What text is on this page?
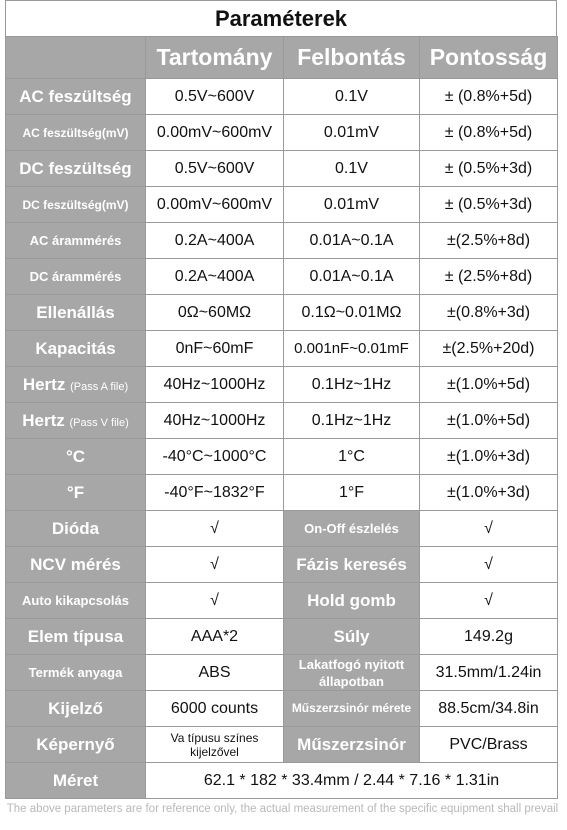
Paraméterek
	Tartomány	Felbontás	Pontosság
AC feszültség	0.5V~600V	0.1V	± (0.8%+5d)
AC feszültség(mV)	0.00mV~600mV	0.01mV	± (0.8%+5d)
DC feszültség	0.5V~600V	0.1V	± (0.5%+3d)
DC feszültség(mV)	0.00mV~600mV	0.01mV	± (0.5%+3d)
AC árammérés	0.2A~400A	0.01A~0.1A	±(2.5%+8d)
DC árammérés	0.2A~400A	0.01A~0.1A	± (2.5%+8d)
Ellenállás	0Ω~60MΩ	0.1Ω~0.01MΩ	±(0.8%+3d)
Kapacitás	0nF~60mF	0.001nF~0.01mF	±(2.5%+20d)
Hertz (Pass A file)	40Hz~1000Hz	0.1Hz~1Hz	±(1.0%+5d)
Hertz (Pass V file)	40Hz~1000Hz	0.1Hz~1Hz	±(1.0%+5d)
°C	-40°C~1000°C	1°C	±(1.0%+3d)
°F	-40°F~1832°F	1°F	±(1.0%+3d)
Dióda	√	On-Off észlelés	√
NCV mérés	√	Fázis keresés	√
Auto kikapcsolás	√	Hold gomb	√
Elem típusa	AAA*2	Súly	149.2g
Termék anyaga	ABS	Lakatfogó nyitott állapotban	31.5mm/1.24in
Kijelző	6000 counts	Műszerzsinór mérete	88.5cm/34.8in
Képernyő	Va típusu színes kijelzővel	Műszerzsinór	PVC/Brass
Méret	62.1 * 182 * 33.4mm / 2.44 * 7.16 * 1.31in		
The above parameters are for reference only, the actual measurement of the specific equipment shall prevail
